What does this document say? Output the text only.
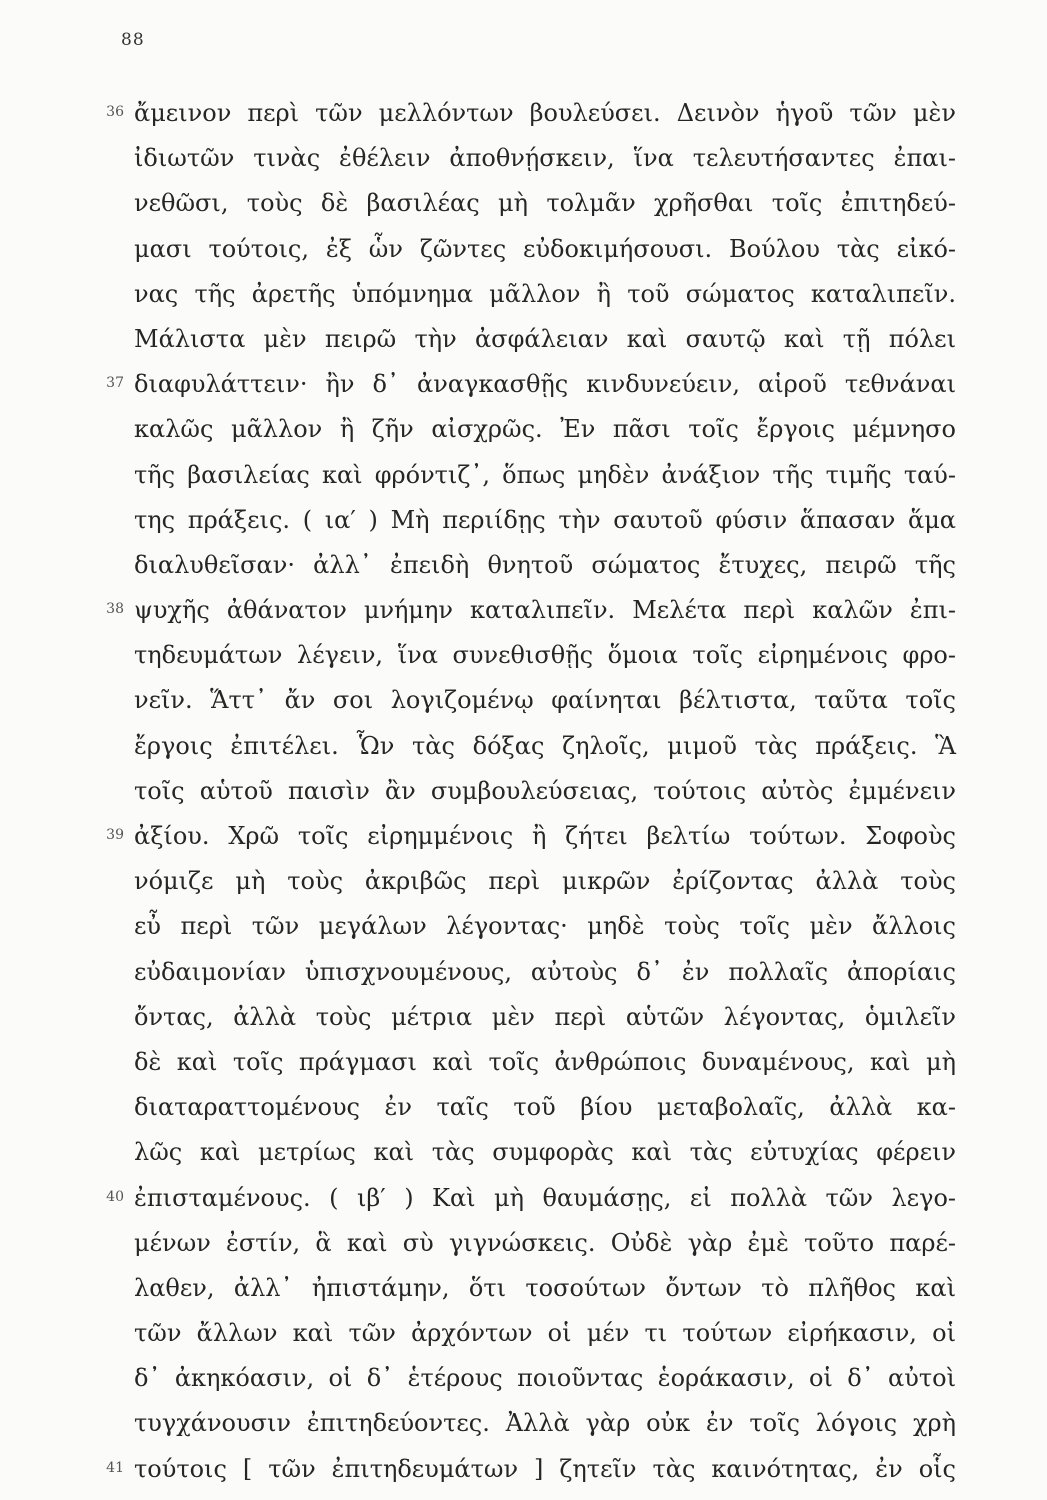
88
36 ἄμεινον περὶ τῶν μελλόντων βουλεύσει. Δεινὸν ἡγοῦ τῶν μὲν
ἰδιωτῶν τινὰς ἐθέλειν ἀποθνῄσκειν, ἵνα τελευτήσαντες ἐπαι-
νεθῶσι, τοὺς δὲ βασιλέας μὴ τολμᾶν χρῆσθαι τοῖς ἐπιτηδεύ-
μασι τούτοις, ἐξ ὧν ζῶντες εὐδοκιμήσουσι. Βούλου τὰς εἰκό-
νας τῆς ἀρετῆς ὑπόμνημα μᾶλλον ἢ τοῦ σώματος καταλιπεῖν.
Μάλιστα μὲν πειρῶ τὴν ἀσφάλειαν καὶ σαυτῷ καὶ τῇ πόλει
37 διαφυλάττειν· ἢν δ᾽ ἀναγκασθῇς κινδυνεύειν, αἱροῦ τεθνάναι
καλῶς μᾶλλον ἢ ζῆν αἰσχρῶς. Ἐν πᾶσι τοῖς ἔργοις μέμνησο
τῆς βασιλείας καὶ φρόντιζ᾽, ὅπως μηδὲν ἀνάξιον τῆς τιμῆς ταύ-
της πράξεις. ( ια′ ) Μὴ περιίδῃς τὴν σαυτοῦ φύσιν ἅπασαν ἅμα
διαλυθεῖσαν· ἀλλ᾽ ἐπειδὴ θνητοῦ σώματος ἔτυχες, πειρῶ τῆς
38 ψυχῆς ἀθάνατον μνήμην καταλιπεῖν. Μελέτα περὶ καλῶν ἐπι-
τηδευμάτων λέγειν, ἵνα συνεθισθῇς ὅμοια τοῖς εἰρημένοις φρο-
νεῖν. Ἅττ᾽ ἄν σοι λογιζομένῳ φαίνηται βέλτιστα, ταῦτα τοῖς
ἔργοις ἐπιτέλει. Ὧν τὰς δόξας ζηλοῖς, μιμοῦ τὰς πράξεις. Ἃ
τοῖς αὑτοῦ παισὶν ἂν συμβουλεύσειας, τούτοις αὐτὸς ἐμμένειν
39 ἀξίου. Χρῶ τοῖς εἰρημμένοις ἢ ζήτει βελτίω τούτων. Σοφοὺς
νόμιζε μὴ τοὺς ἀκριβῶς περὶ μικρῶν ἐρίζοντας ἀλλὰ τοὺς
εὖ περὶ τῶν μεγάλων λέγοντας· μηδὲ τοὺς τοῖς μὲν ἄλλοις
εὐδαιμονίαν ὑπισχνουμένους, αὐτοὺς δ᾽ ἐν πολλαῖς ἀπορίαις
ὄντας, ἀλλὰ τοὺς μέτρια μὲν περὶ αὑτῶν λέγοντας, ὁμιλεῖν
δὲ καὶ τοῖς πράγμασι καὶ τοῖς ἀνθρώποις δυναμένους, καὶ μὴ
διαταραττομένους ἐν ταῖς τοῦ βίου μεταβολαῖς, ἀλλὰ κα-
λῶς καὶ μετρίως καὶ τὰς συμφορὰς καὶ τὰς εὐτυχίας φέρειν
40 ἐπισταμένους. ( ιβ′ ) Καὶ μὴ θαυμάσῃς, εἰ πολλὰ τῶν λεγο-
μένων ἐστίν, ἃ καὶ σὺ γιγνώσκεις. Οὐδὲ γὰρ ἐμὲ τοῦτο παρέ-
λαθεν, ἀλλ᾽ ἠπιστάμην, ὅτι τοσούτων ὄντων τὸ πλῆθος καὶ
τῶν ἄλλων καὶ τῶν ἀρχόντων οἱ μέν τι τούτων εἰρήκασιν, οἱ
δ᾽ ἀκηκόασιν, οἱ δ᾽ ἑτέρους ποιοῦντας ἑοράκασιν, οἱ δ᾽ αὐτοὶ
τυγχάνουσιν ἐπιτηδεύοντες. Ἀλλὰ γὰρ οὐκ ἐν τοῖς λόγοις χρὴ
41 τούτοις [ τῶν ἐπιτηδευμάτων ] ζητεῖν τὰς καινότητας, ἐν οἷς
